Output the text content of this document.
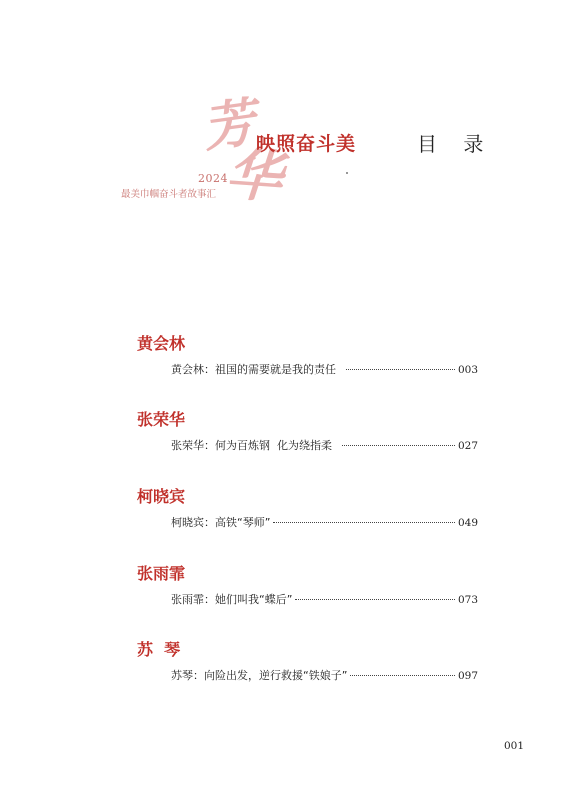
芳
华
映照奋斗美
2024
最美巾帼奋斗者故事汇
目 录
黄会林
黄会林：祖国的需要就是我的责任	003
张荣华
张荣华：何为百炼钢  化为绕指柔	027
柯晓宾
柯晓宾：高铁“琴师”	049
张雨霏
张雨霏：她们叫我“蝶后”	073
苏  琴
苏琴：向险出发，逆行救援“铁娘子”	097
001
